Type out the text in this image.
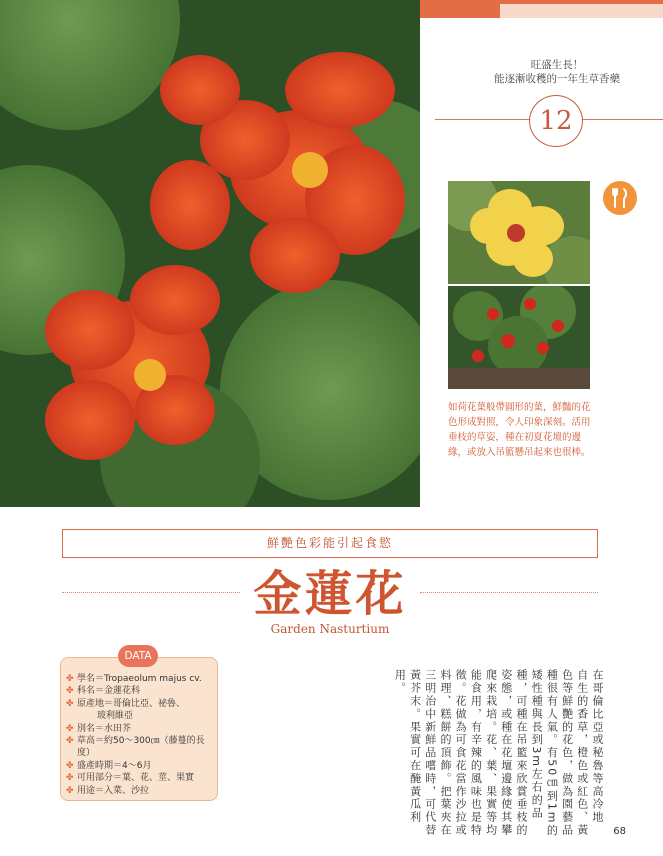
旺盛生長！
能逐漸收穫的一年生草香藥
12
如荷花葉般帶圓形的葉，鮮豔的花色形成對照，令人印象深刻。活用垂枝的草姿，種在初夏花壇的邊緣，或放入吊籃懸吊起來也很棒。
鮮艷色彩能引起食慾
金蓮花
Garden Nasturtium
DATA
✤ 學名＝Tropaeolum majus cv.
✤ 科名＝金蓮花科
✤ 原產地＝哥倫比亞、祕魯、
玻利維亞
✤ 別名＝水田芥
✤ 草高＝約50～300㎝（藤蔓的長度）
✤ 盛產時期＝4～6月
✤ 可用部分＝葉、花、莖、果實
✤ 用途＝入菜、沙拉	在哥倫比亞或秘魯等高冷地
自生的香草，橙色或紅色、黃
色等鮮艷的花色，做為園藝品
種很有人氣。有50㎝到1m的
矮性種與長到3m左右的品
種，可種在吊籃來欣賞垂枝的
姿態，或種在花壇邊緣使其攀
爬來栽培。花、葉、果實等均
能食用，有辛辣的風味也是特
徵。花做為可食花當作沙拉或
料理、糕餅的頂飾。把葉夾在
三明治中新鮮品嚐時，可代替
黃芥末。果實可在醃黃瓜利
用。
68
